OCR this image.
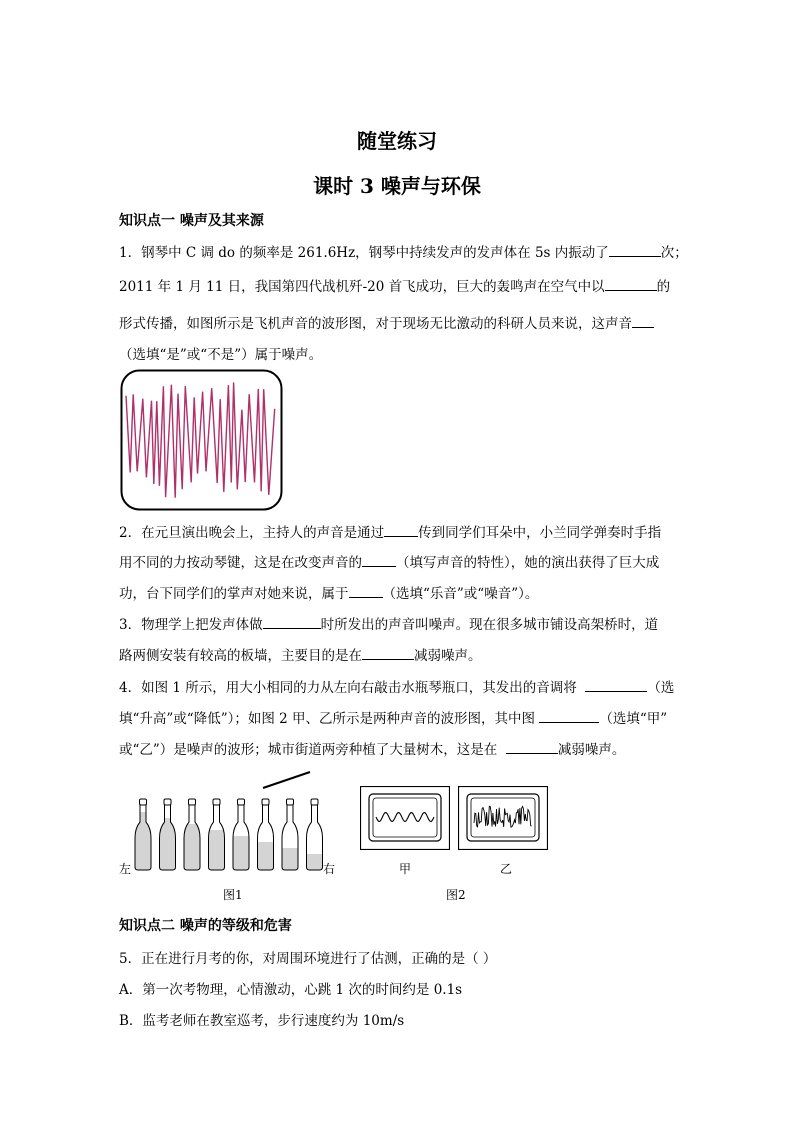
随堂练习
课时 3 噪声与环保
知识点一 噪声及其来源
1．钢琴中 C 调 do 的频率是 261.6Hz，钢琴中持续发声的发声体在 5s 内振动了	次；
2011 年 1 月 11 日，我国第四代战机歼-20 首飞成功，巨大的轰鸣声在空气中以	的
形式传播，如图所示是飞机声音的波形图，对于现场无比激动的科研人员来说，这声音
（选填“是”或“不是”）属于噪声。
2．在元旦演出晚会上，主持人的声音是通过	传到同学们耳朵中，小兰同学弹奏时手指
用不同的力按动琴键，这是在改变声音的	（填写声音的特性），她的演出获得了巨大成
功，台下同学们的掌声对她来说，属于	（选填“乐音”或“噪音”）。
3．物理学上把发声体做	时所发出的声音叫噪声。现在很多城市铺设高架桥时，道
路两侧安装有较高的板墙，主要目的是在	减弱噪声。
4．如图 1 所示，用大小相同的力从左向右敲击水瓶琴瓶口，其发出的音调将	（选
填“升高”或“降低”）；如图 2 甲、乙所示是两种声音的波形图，其中图	（选填“甲”
或“乙”）是噪声的波形；城市街道两旁种植了大量树木，这是在	减弱噪声。
左	右
图1
甲	乙
图2
知识点二 噪声的等级和危害
5．正在进行月考的你，对周围环境进行了估测，正确的是（ ）
A．第一次考物理，心情激动，心跳 1 次的时间约是 0.1s
B．监考老师在教室巡考，步行速度约为 10m/s
